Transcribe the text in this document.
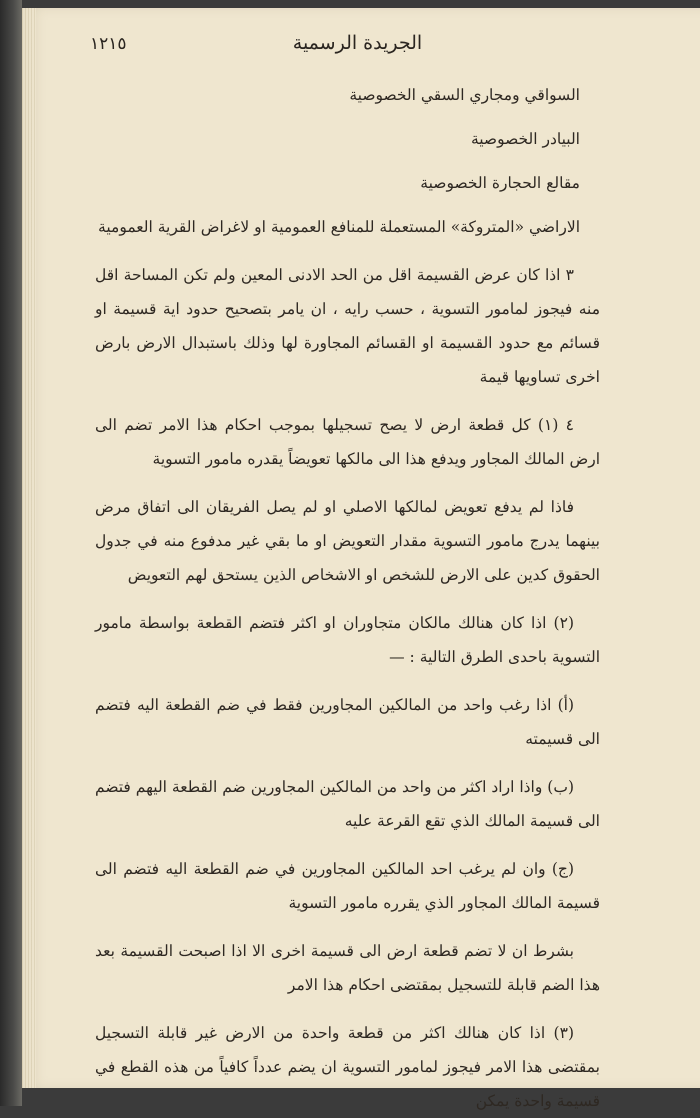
١٢١٥	الجريدة الرسمية

السواقي ومجاري السقي الخصوصية

البيادر الخصوصية

مقالع الحجارة الخصوصية

الاراضي «المتروكة» المستعملة للمنافع العمومية او لاغراض القرية العمومية

٣ اذا كان عرض القسيمة اقل من الحد الادنى المعين ولم تكن المساحة اقل منه فيجوز لمامور التسوية ، حسب رايه ، ان يامر بتصحيح حدود اية قسيمة او قسائم مع حدود القسيمة او القسائم المجاورة لها وذلك باستبدال الارض بارض اخرى تساويها قيمة

٤ (١) كل قطعة ارض لا يصح تسجيلها بموجب احكام هذا الامر تضم الى ارض المالك المجاور ويدفع هذا الى مالكها تعويضاً يقدره مامور التسوية

فاذا لم يدفع تعويض لمالكها الاصلي او لم يصل الفريقان الى اتفاق مرض بينهما يدرج مامور التسوية مقدار التعويض او ما بقي غير مدفوع منه في جدول الحقوق كدين على الارض للشخص او الاشخاص الذين يستحق لهم التعويض

(٢) اذا كان هنالك مالكان متجاوران او اكثر فتضم القطعة بواسطة مامور التسوية باحدى الطرق التالية : —

(أ) اذا رغب واحد من المالكين المجاورين فقط في ضم القطعة اليه فتضم الى قسيمته

(ب) واذا اراد اكثر من واحد من المالكين المجاورين ضم القطعة اليهم فتضم الى قسيمة المالك الذي تقع القرعة عليه

(ج) وان لم يرغب احد المالكين المجاورين في ضم القطعة اليه فتضم الى قسيمة المالك المجاور الذي يقرره مامور التسوية

بشرط ان لا تضم قطعة ارض الى قسيمة اخرى الا اذا اصبحت القسيمة بعد هذا الضم قابلة للتسجيل بمقتضى احكام هذا الامر

(٣) اذا كان هنالك اكثر من قطعة واحدة من الارض غير قابلة التسجيل بمقتضى هذا الامر فيجوز لمامور التسوية ان يضم عدداً كافياً من هذه القطع في قسيمة واحدة يمكن
